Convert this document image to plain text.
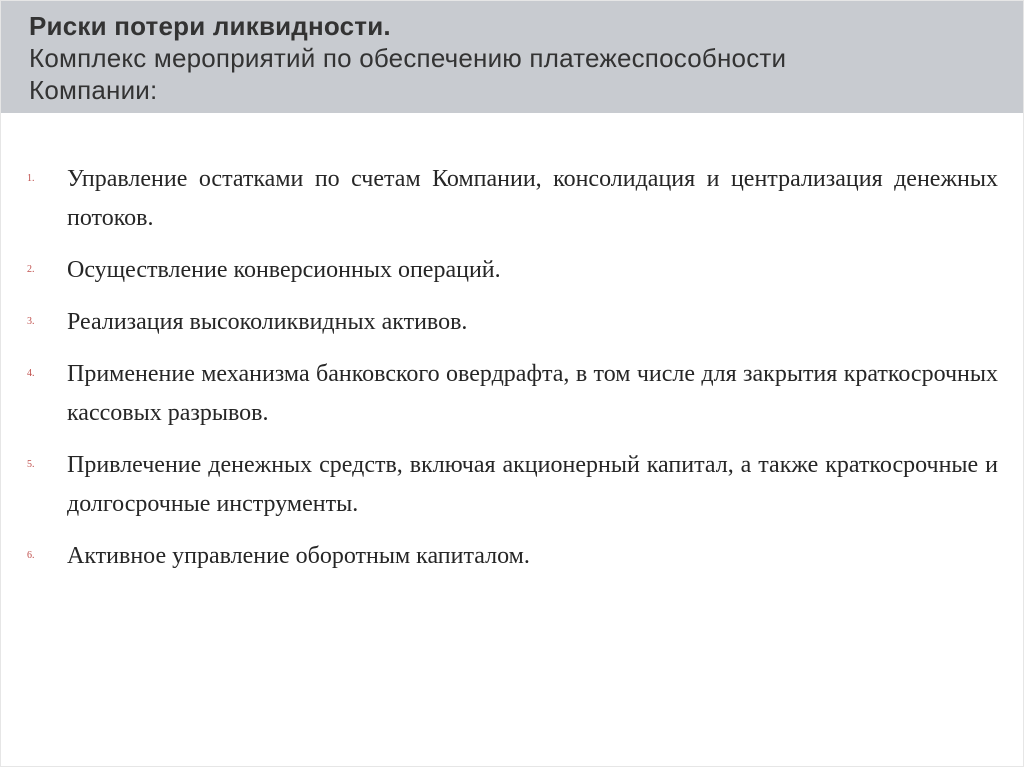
Риски потери ликвидности.
Комплекс мероприятий по обеспечению платежеспособности
Компании:
1. Управление остатками по счетам Компании, консолидация и централизация денежных потоков.
2. Осуществление конверсионных операций.
3. Реализация высоколиквидных активов.
4. Применение механизма банковского овердрафта, в том числе для закрытия краткосрочных кассовых разрывов.
5. Привлечение денежных средств, включая акционерный капитал, а также краткосрочные и долгосрочные инструменты.
6. Активное управление оборотным капиталом.
